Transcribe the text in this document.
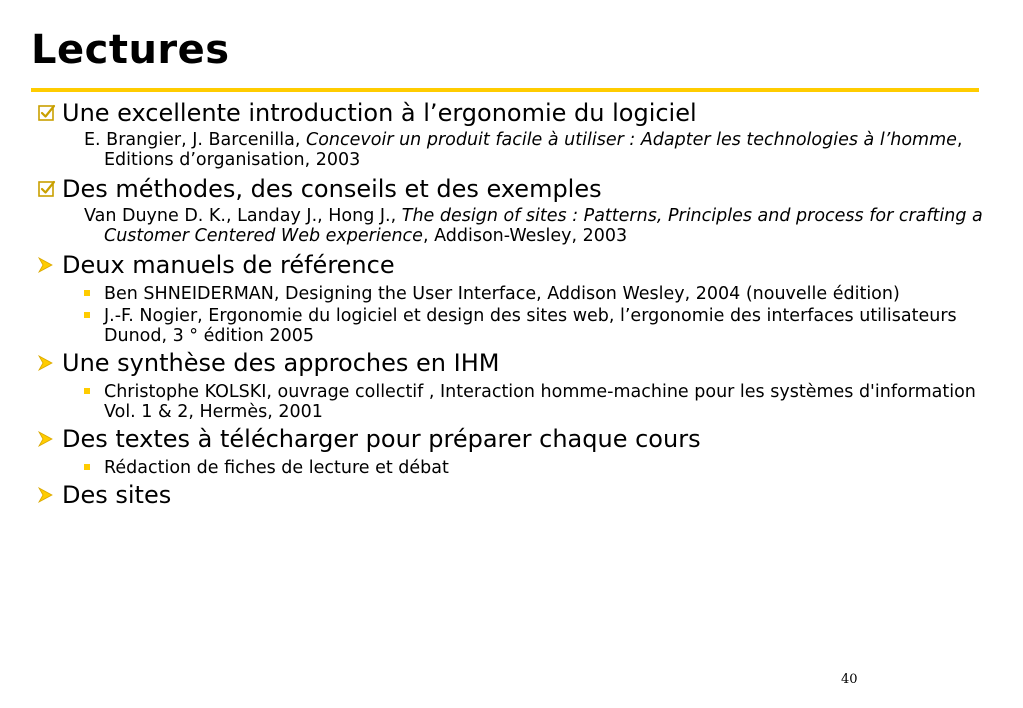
Lectures
Une excellente introduction à l’ergonomie du logiciel
E. Brangier, J. Barcenilla, Concevoir un produit facile à utiliser : Adapter les technologies à l’homme, Editions d’organisation, 2003
Des méthodes, des conseils et des exemples
Van Duyne D. K., Landay J., Hong J., The design of sites : Patterns, Principles and process for crafting a Customer Centered Web experience, Addison-Wesley, 2003
Deux manuels de référence
Ben SHNEIDERMAN, Designing the User Interface, Addison Wesley, 2004 (nouvelle édition)
J.-F. Nogier, Ergonomie du logiciel et design des sites web, l’ergonomie des interfaces utilisateurs Dunod, 3 ° édition 2005
Une synthèse des approches en IHM
Christophe KOLSKI, ouvrage collectif , Interaction homme-machine pour les systèmes d'information Vol. 1 & 2, Hermès, 2001
Des textes à télécharger pour préparer chaque cours
Rédaction de fiches de lecture et débat
Des sites
40
